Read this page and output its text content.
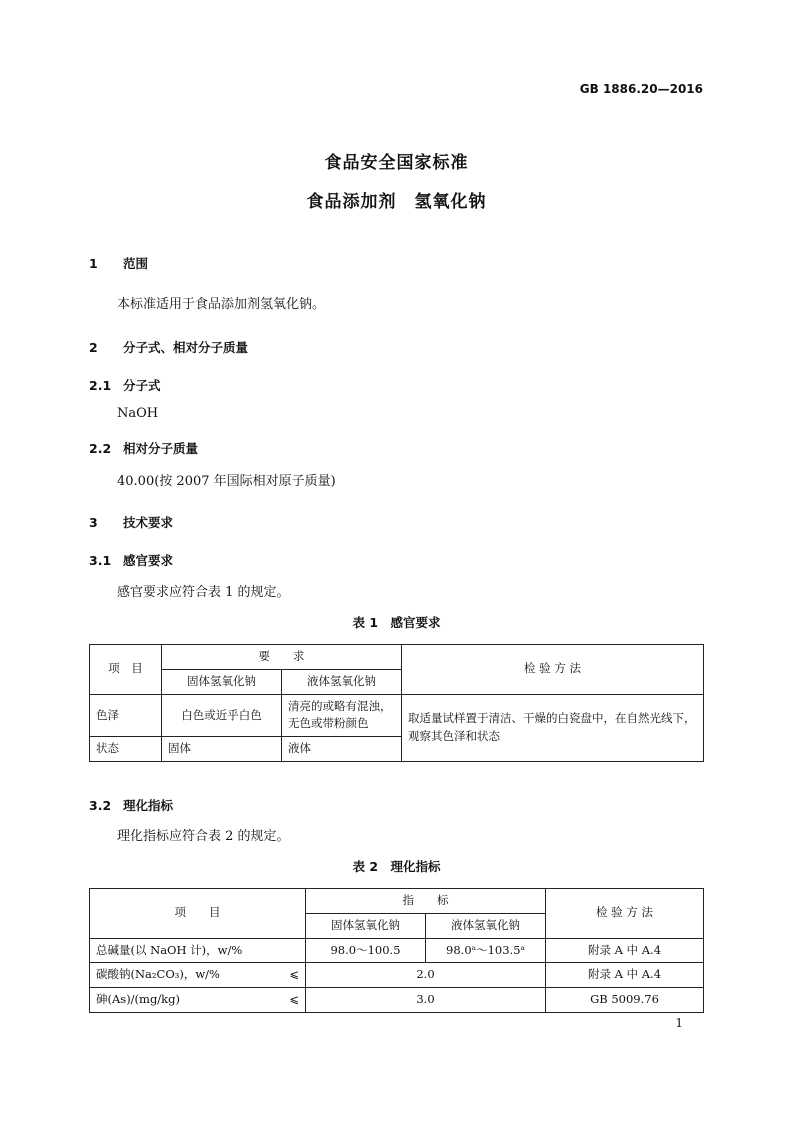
GB 1886.20—2016
食品安全国家标准
食品添加剂　氢氧化钠
1 范围
本标准适用于食品添加剂氢氧化钠。
2 分子式、相对分子质量
2.1 分子式
NaOH
2.2 相对分子质量
40.00(按 2007 年国际相对原子质量)
3 技术要求
3.1 感官要求
感官要求应符合表 1 的规定。
表 1　感官要求
项　目	要　　求		检 验 方 法
	固体氢氧化钠	液体氢氧化钠	
色泽	白色或近乎白色	清亮的或略有混浊，无色或带粉颜色	取适量试样置于清洁、干燥的白瓷盘中，在自然光线下，观察其色泽和状态
状态	固体	液体	
3.2 理化指标
理化指标应符合表 2 的规定。
表 2　理化指标
项　　目	指　　标		检 验 方 法
	固体氢氧化钠	液体氢氧化钠	
总碱量(以 NaOH 计)，w/%	98.0～100.5	98.0ᵃ～103.5ᵃ	附录 A 中 A.4
碳酸钠(Na₂CO₃)，w/% ⩽	2.0		附录 A 中 A.4
砷(As)/(mg/kg) ⩽	3.0		GB 5009.76
1
